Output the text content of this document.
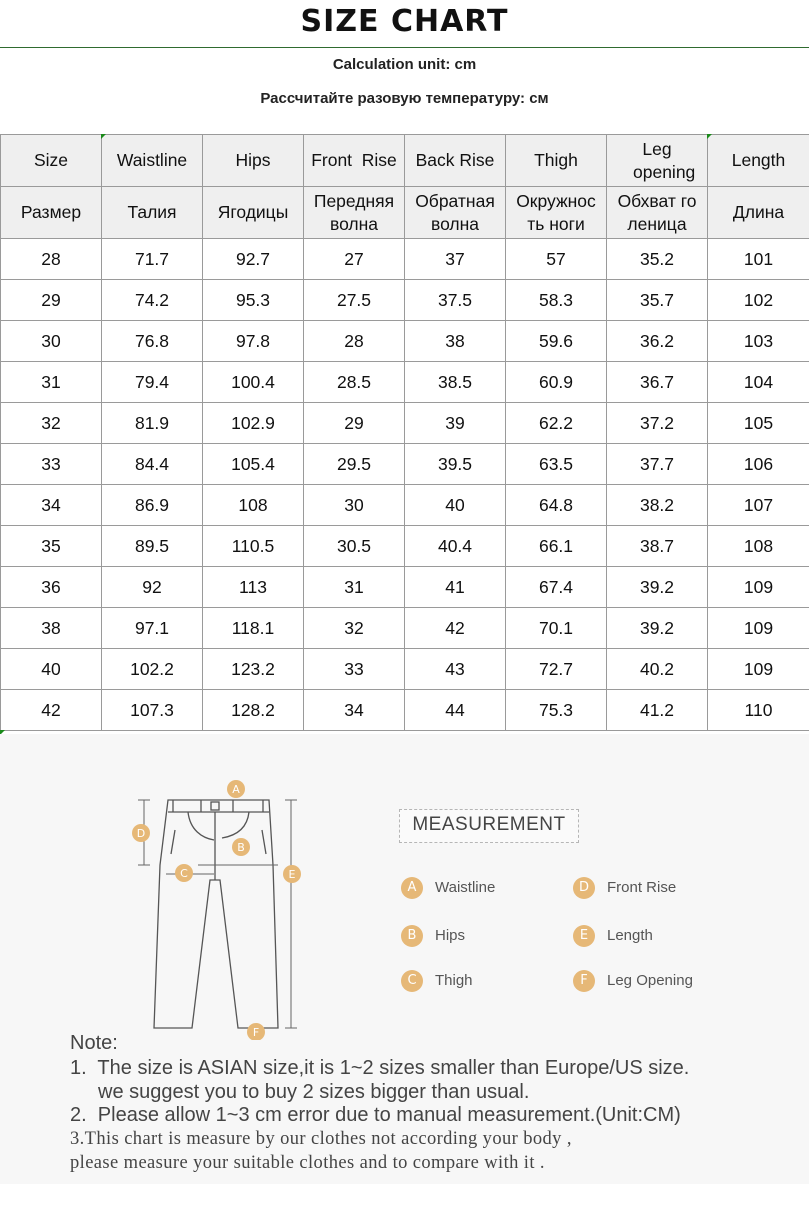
SIZE CHART
Calculation unit: cm
Рассчитайте разовую температуру: см
Size	Waistline	Hips	Front  Rise	Back Rise	Thigh	Leg opening	Length
Размер	Талия	Ягодицы	Передняя волна	Обратная волна	Окружнос ть ноги	Обхват го леница	Длина
28	71.7	92.7	27	37	57	35.2	101
29	74.2	95.3	27.5	37.5	58.3	35.7	102
30	76.8	97.8	28	38	59.6	36.2	103
31	79.4	100.4	28.5	38.5	60.9	36.7	104
32	81.9	102.9	29	39	62.2	37.2	105
33	84.4	105.4	29.5	39.5	63.5	37.7	106
34	86.9	108	30	40	64.8	38.2	107
35	89.5	110.5	30.5	40.4	66.1	38.7	108
36	92	113	31	41	67.4	39.2	109
38	97.1	118.1	32	42	70.1	39.2	109
40	102.2	123.2	33	43	72.7	40.2	109
42	107.3	128.2	34	44	75.3	41.2	110
A
B
C
D
E
F
MEASUREMENT
A	Waistline
B	Hips
C	Thigh
D	Front Rise
E	Length
F	Leg Opening
Note:
1.  The size is ASIAN size,it is 1~2 sizes smaller than Europe/US size.
we suggest you to buy 2 sizes bigger than usual.
2.  Please allow 1~3 cm error due to manual measurement.(Unit:CM)
3.This chart is measure by our clothes not according your body ,
please measure your suitable clothes and to compare with it .
